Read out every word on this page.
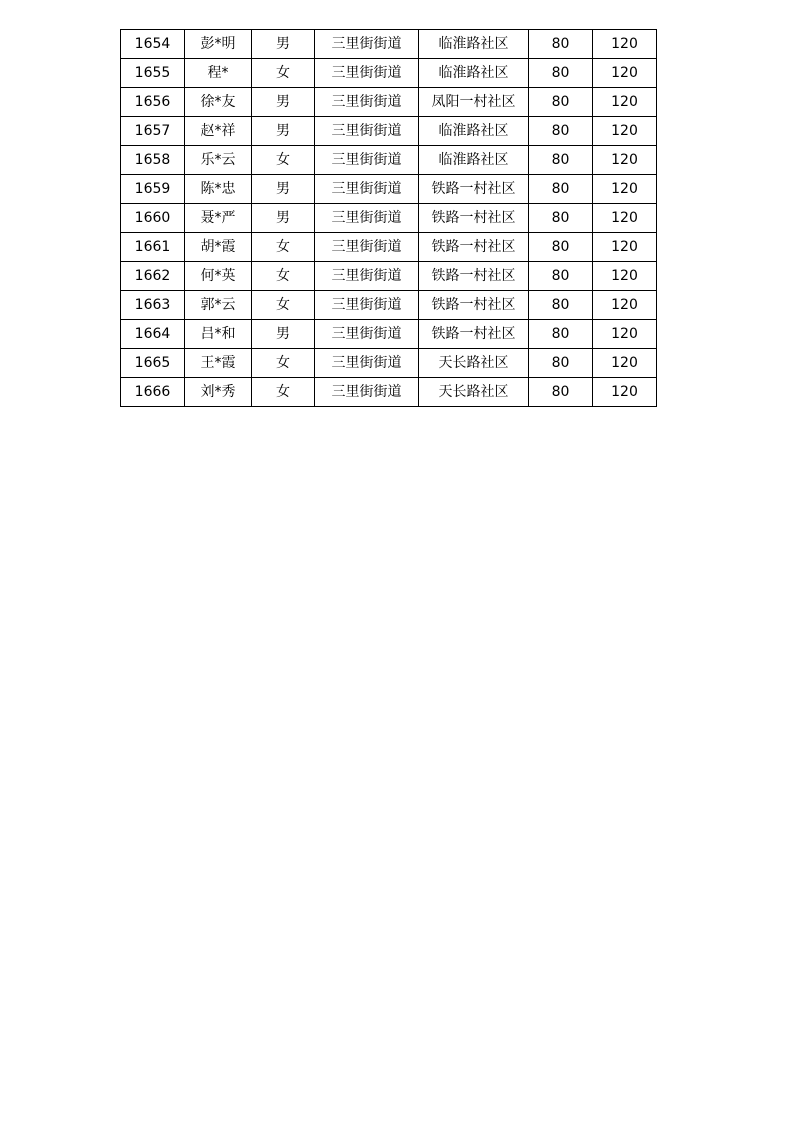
1654	彭*明	男	三里街街道	临淮路社区	80	120
1655	程*	女	三里街街道	临淮路社区	80	120
1656	徐*友	男	三里街街道	凤阳一村社区	80	120
1657	赵*祥	男	三里街街道	临淮路社区	80	120
1658	乐*云	女	三里街街道	临淮路社区	80	120
1659	陈*忠	男	三里街街道	铁路一村社区	80	120
1660	聂*严	男	三里街街道	铁路一村社区	80	120
1661	胡*霞	女	三里街街道	铁路一村社区	80	120
1662	何*英	女	三里街街道	铁路一村社区	80	120
1663	郭*云	女	三里街街道	铁路一村社区	80	120
1664	吕*和	男	三里街街道	铁路一村社区	80	120
1665	王*霞	女	三里街街道	天长路社区	80	120
1666	刘*秀	女	三里街街道	天长路社区	80	120
